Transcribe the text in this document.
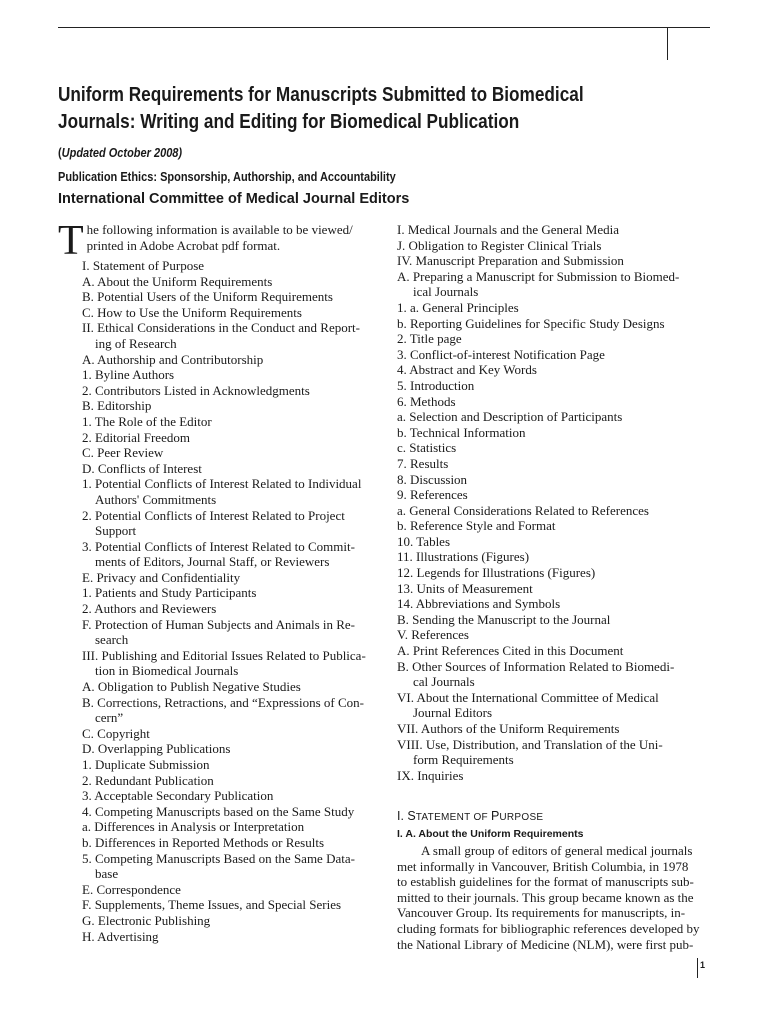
Uniform Requirements for Manuscripts Submitted to Biomedical
Journals: Writing and Editing for Biomedical Publication
(Updated October 2008)
Publication Ethics: Sponsorship, Authorship, and Accountability
International Committee of Medical Journal Editors
T he following information is available to be viewed/
printed in Adobe Acrobat pdf format.
I. Statement of Purpose
A. About the Uniform Requirements
B. Potential Users of the Uniform Requirements
C. How to Use the Uniform Requirements
II. Ethical Considerations in the Conduct and Report-
ing of Research
A. Authorship and Contributorship
1. Byline Authors
2. Contributors Listed in Acknowledgments
B. Editorship
1. The Role of the Editor
2. Editorial Freedom
C. Peer Review
D. Conflicts of Interest
1. Potential Conflicts of Interest Related to Individual
Authors' Commitments
2. Potential Conflicts of Interest Related to Project
Support
3. Potential Conflicts of Interest Related to Commit-
ments of Editors, Journal Staff, or Reviewers
E. Privacy and Confidentiality
1. Patients and Study Participants
2. Authors and Reviewers
F. Protection of Human Subjects and Animals in Re-
search
III. Publishing and Editorial Issues Related to Publica-
tion in Biomedical Journals
A. Obligation to Publish Negative Studies
B. Corrections, Retractions, and “Expressions of Con-
cern”
C. Copyright
D. Overlapping Publications
1. Duplicate Submission
2. Redundant Publication
3. Acceptable Secondary Publication
4. Competing Manuscripts based on the Same Study
a. Differences in Analysis or Interpretation
b. Differences in Reported Methods or Results
5. Competing Manuscripts Based on the Same Data-
base
E. Correspondence
F. Supplements, Theme Issues, and Special Series
G. Electronic Publishing
H. Advertising
I. Medical Journals and the General Media
J. Obligation to Register Clinical Trials
IV. Manuscript Preparation and Submission
A. Preparing a Manuscript for Submission to Biomed-
ical Journals
1. a. General Principles
b. Reporting Guidelines for Specific Study Designs
2. Title page
3. Conflict-of-interest Notification Page
4. Abstract and Key Words
5. Introduction
6. Methods
a. Selection and Description of Participants
b. Technical Information
c. Statistics
7. Results
8. Discussion
9. References
a. General Considerations Related to References
b. Reference Style and Format
10. Tables
11. Illustrations (Figures)
12. Legends for Illustrations (Figures)
13. Units of Measurement
14. Abbreviations and Symbols
B. Sending the Manuscript to the Journal
V. References
A. Print References Cited in this Document
B. Other Sources of Information Related to Biomedi-
cal Journals
VI. About the International Committee of Medical
Journal Editors
VII. Authors of the Uniform Requirements
VIII. Use, Distribution, and Translation of the Uni-
form Requirements
IX. Inquiries
I. STATEMENT OF PURPOSE
I. A. About the Uniform Requirements
A small group of editors of general medical journals
met informally in Vancouver, British Columbia, in 1978
to establish guidelines for the format of manuscripts sub-
mitted to their journals. This group became known as the
Vancouver Group. Its requirements for manuscripts, in-
cluding formats for bibliographic references developed by
the National Library of Medicine (NLM), were first pub-
1
